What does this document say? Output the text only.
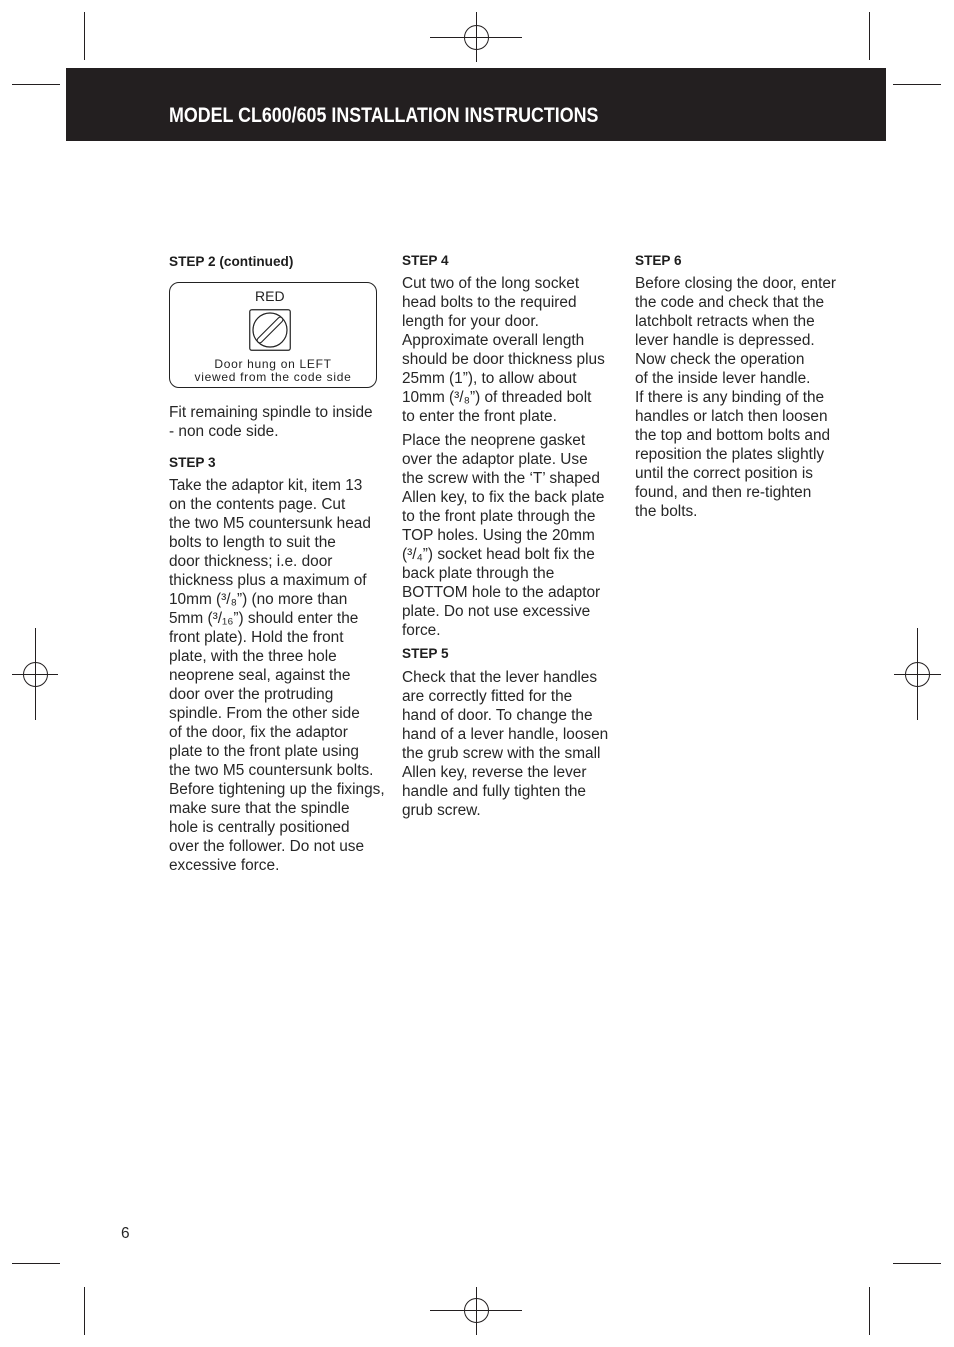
MODEL CL600/605 INSTALLATION INSTRUCTIONS
STEP 2 (continued)
RED
Door hung on LEFT
viewed from the code side
Fit remaining spindle to inside
- non code side.
STEP 3
Take the adaptor kit, item 13
on the contents page. Cut
the two M5 countersunk head
bolts to length to suit the
door thickness; i.e. door
thickness plus a maximum of
10mm (³/₈”) (no more than
5mm (³/₁₆”) should enter the
front plate). Hold the front
plate, with the three hole
neoprene seal, against the
door over the protruding
spindle. From the other side
of the door, fix the adaptor
plate to the front plate using
the two M5 countersunk bolts.
Before tightening up the fixings,
make sure that the spindle
hole is centrally positioned
over the follower. Do not use
excessive force.
STEP 4
Cut two of the long socket
head bolts to the required
length for your door.
Approximate overall length
should be door thickness plus
25mm (1”), to allow about
10mm (³/₈”) of threaded bolt
to enter the front plate.
Place the neoprene gasket
over the adaptor plate. Use
the screw with the ‘T’ shaped
Allen key, to fix the back plate
to the front plate through the
TOP holes. Using the 20mm
(³/₄”) socket head bolt fix the
back plate through the
BOTTOM hole to the adaptor
plate. Do not use excessive
force.
STEP 5
Check that the lever handles
are correctly fitted for the
hand of door. To change the
hand of a lever handle, loosen
the grub screw with the small
Allen key, reverse the lever
handle and fully tighten the
grub screw.
STEP 6
Before closing the door, enter
the code and check that the
latchbolt retracts when the
lever handle is depressed.
Now check the operation
of the inside lever handle.
If there is any binding of the
handles or latch then loosen
the top and bottom bolts and
reposition the plates slightly
until the correct position is
found, and then re-tighten
the bolts.
6
